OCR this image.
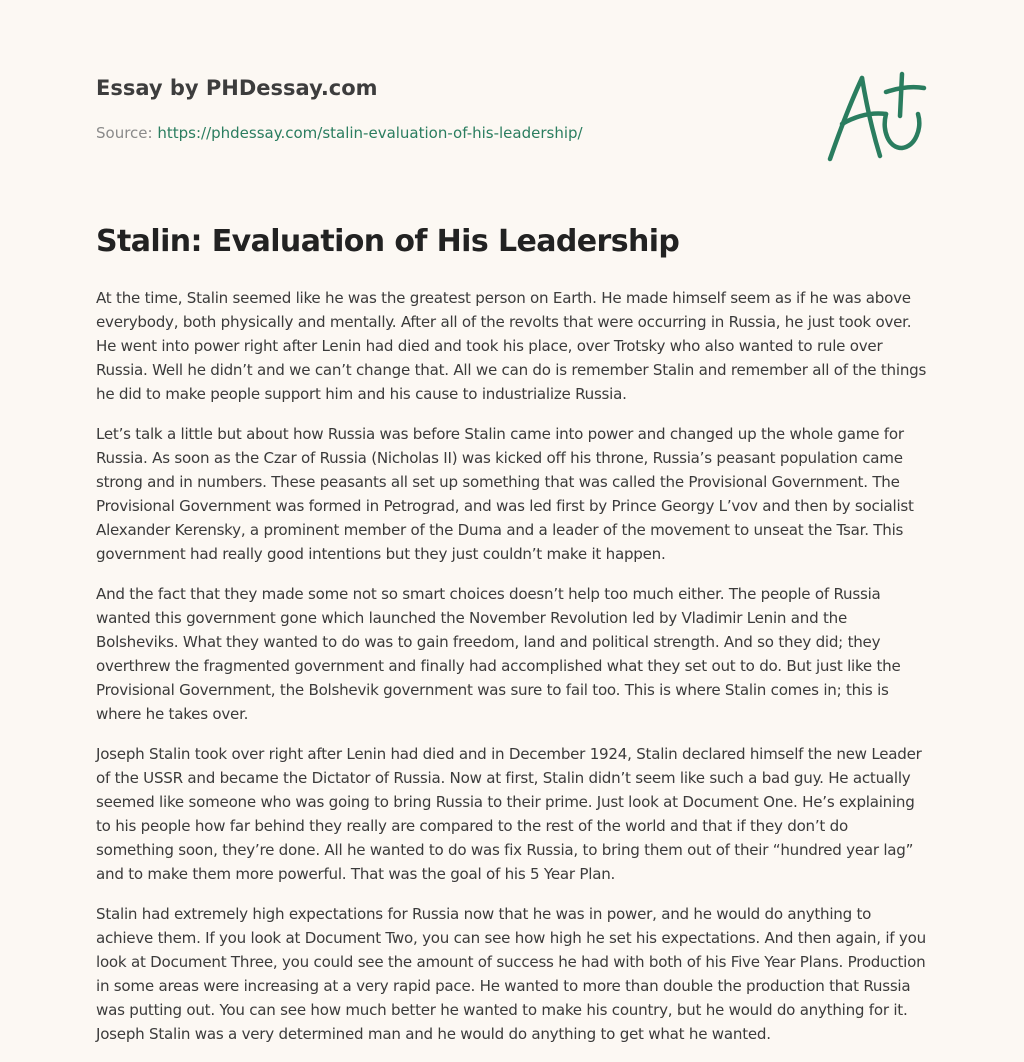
Essay by PHDessay.com

Source: https://phdessay.com/stalin-evaluation-of-his-leadership/

Stalin: Evaluation of His Leadership

At the time, Stalin seemed like he was the greatest person on Earth. He made himself seem as if he was above everybody, both physically and mentally. After all of the revolts that were occurring in Russia, he just took over. He went into power right after Lenin had died and took his place, over Trotsky who also wanted to rule over Russia. Well he didn’t and we can’t change that. All we can do is remember Stalin and remember all of the things he did to make people support him and his cause to industrialize Russia.

Let’s talk a little but about how Russia was before Stalin came into power and changed up the whole game for Russia. As soon as the Czar of Russia (Nicholas II) was kicked off his throne, Russia’s peasant population came strong and in numbers. These peasants all set up something that was called the Provisional Government. The Provisional Government was formed in Petrograd, and was led first by Prince Georgy L’vov and then by socialist Alexander Kerensky, a prominent member of the Duma and a leader of the movement to unseat the Tsar. This government had really good intentions but they just couldn’t make it happen.

And the fact that they made some not so smart choices doesn’t help too much either. The people of Russia wanted this government gone which launched the November Revolution led by Vladimir Lenin and the Bolsheviks. What they wanted to do was to gain freedom, land and political strength. And so they did; they overthrew the fragmented government and finally had accomplished what they set out to do. But just like the Provisional Government, the Bolshevik government was sure to fail too. This is where Stalin comes in; this is where he takes over.

Joseph Stalin took over right after Lenin had died and in December 1924, Stalin declared himself the new Leader of the USSR and became the Dictator of Russia. Now at first, Stalin didn’t seem like such a bad guy. He actually seemed like someone who was going to bring Russia to their prime. Just look at Document One. He’s explaining to his people how far behind they really are compared to the rest of the world and that if they don’t do something soon, they’re done. All he wanted to do was fix Russia, to bring them out of their “hundred year lag” and to make them more powerful. That was the goal of his 5 Year Plan.

Stalin had extremely high expectations for Russia now that he was in power, and he would do anything to achieve them. If you look at Document Two, you can see how high he set his expectations. And then again, if you look at Document Three, you could see the amount of success he had with both of his Five Year Plans. Production in some areas were increasing at a very rapid pace. He wanted to more than double the production that Russia was putting out. You can see how much better he wanted to make his country, but he would do anything for it. Joseph Stalin was a very determined man and he would do anything to get what he wanted.
